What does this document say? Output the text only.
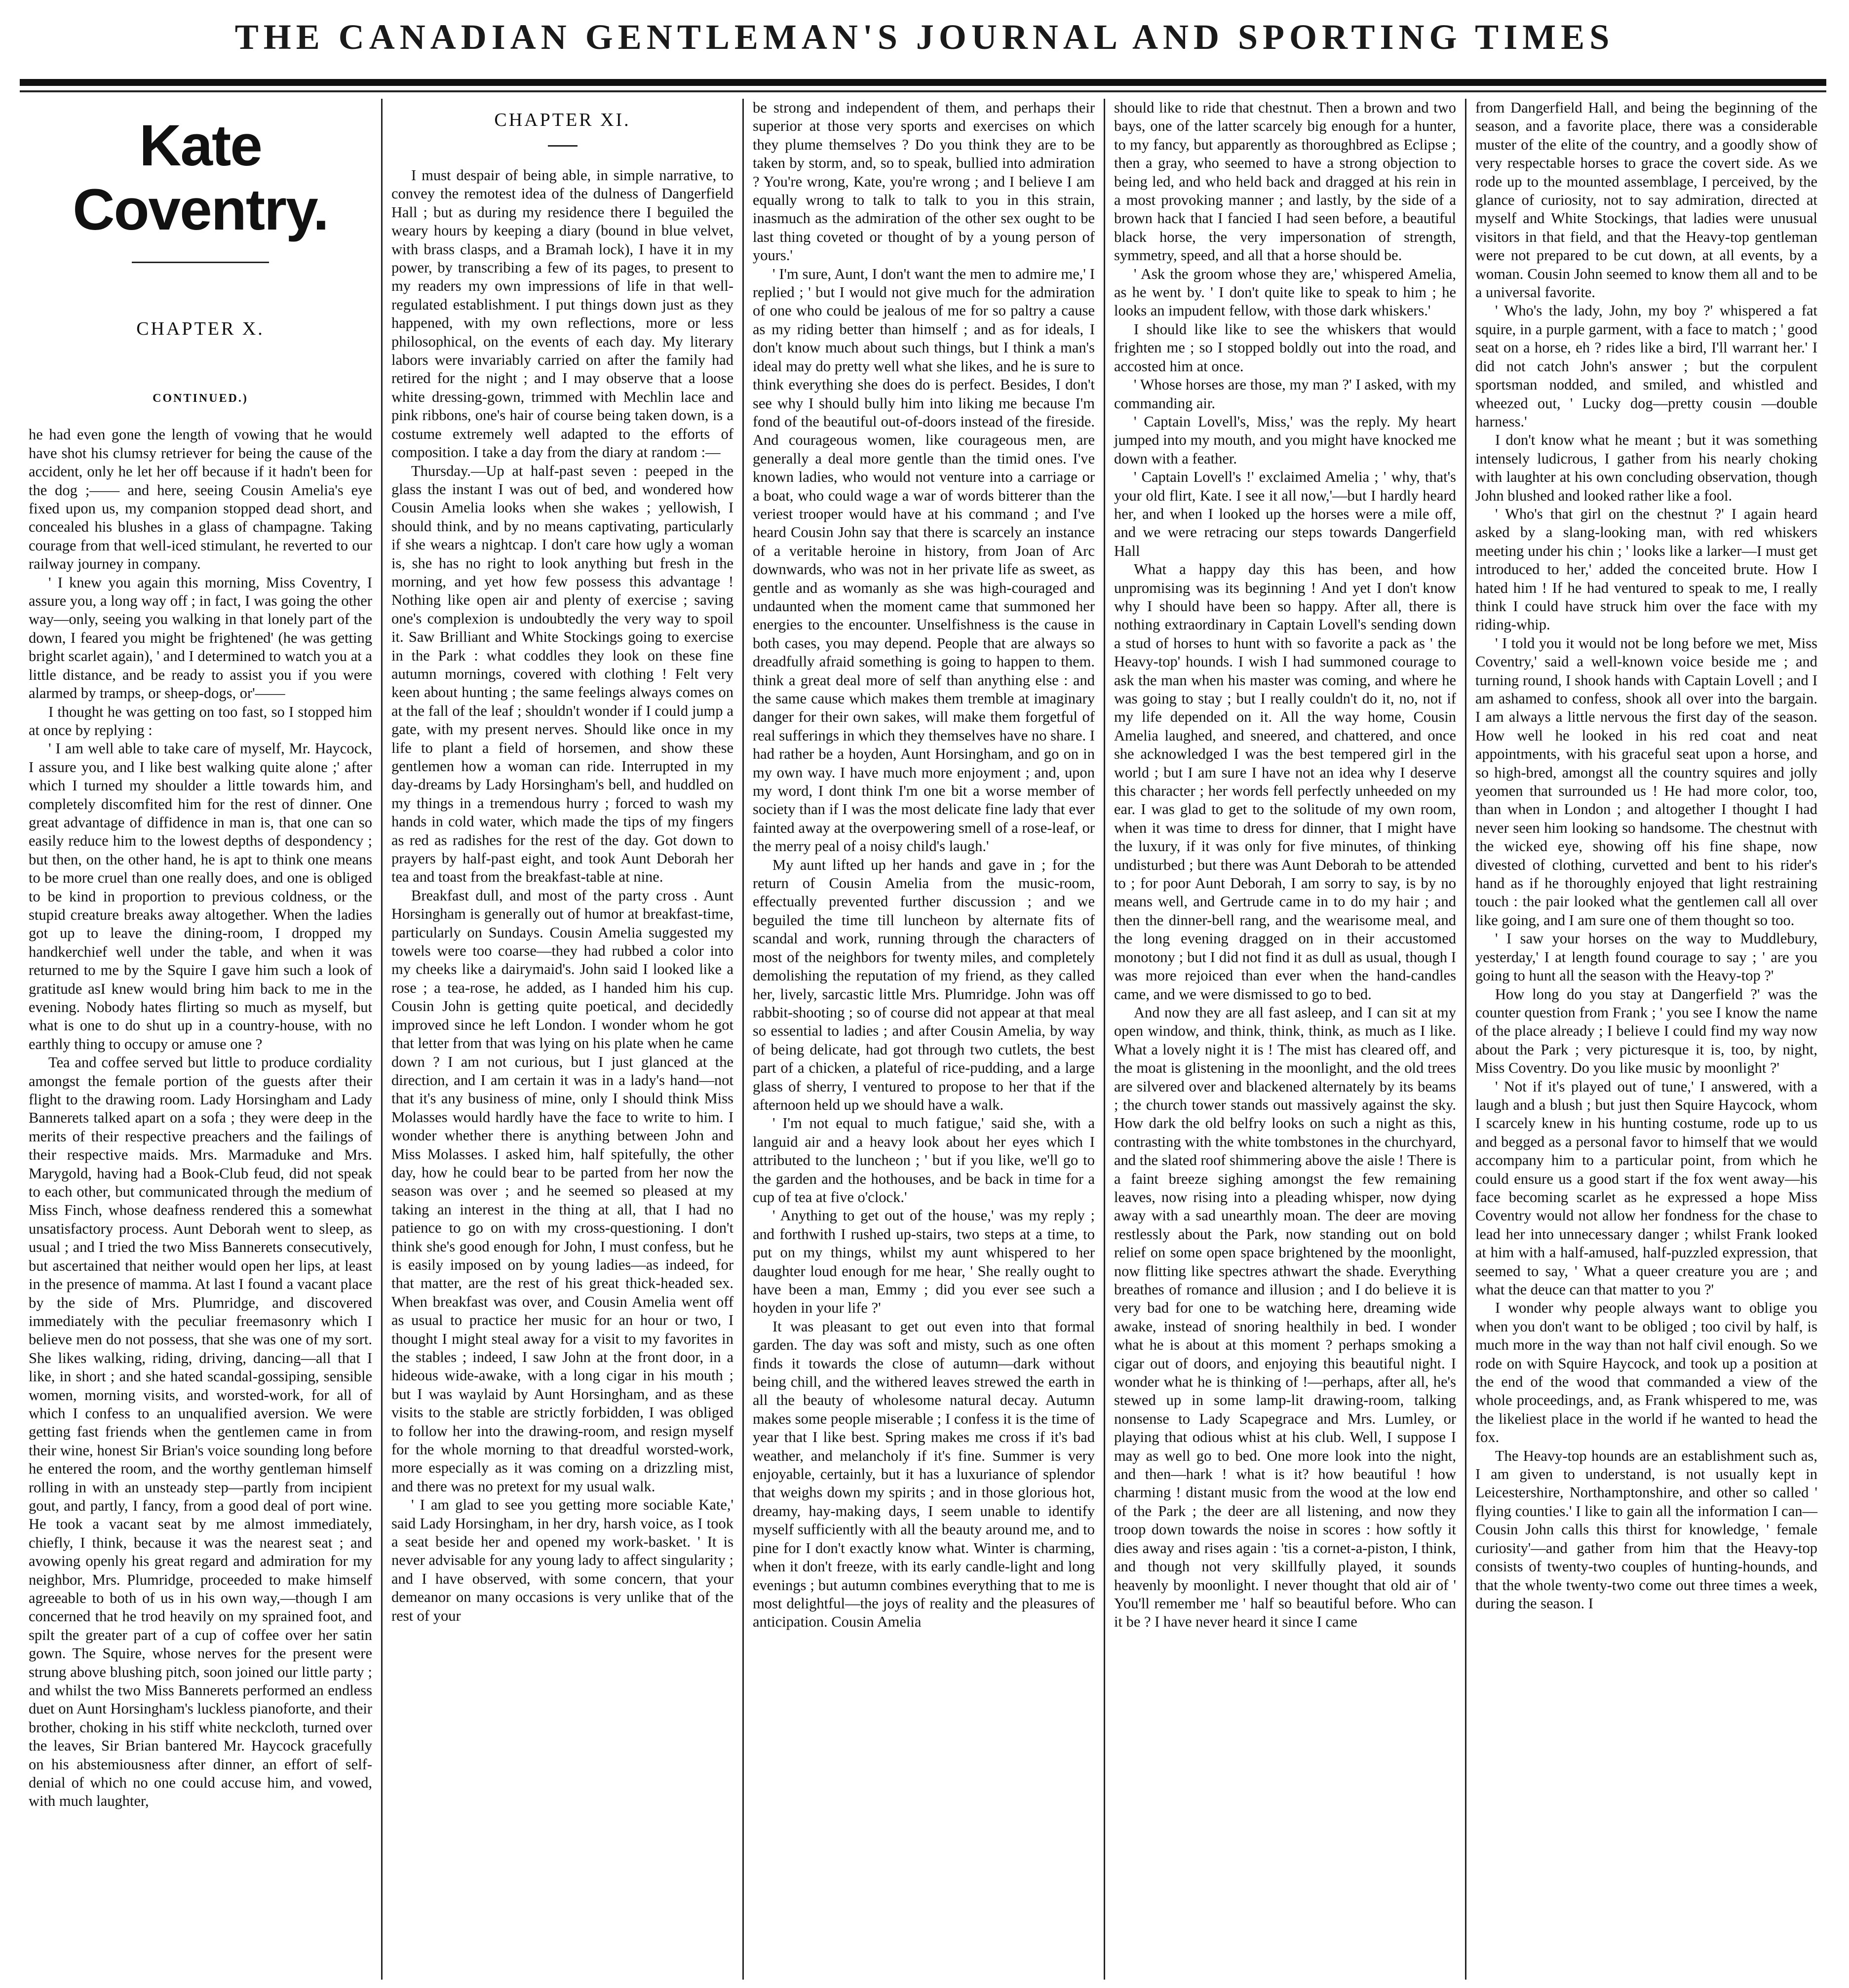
THE CANADIAN GENTLEMAN'S JOURNAL AND SPORTING TIMES
Kate Coventry.
CHAPTER X.
CONTINUED.)

he had even gone the length of vowing that he would have shot his clumsy retriever for being the cause of the accident, only he let her off because if it hadn't been for the dog ;—— and here, seeing Cousin Amelia's eye fixed upon us, my companion stopped dead short, and concealed his blushes in a glass of champagne. Taking courage from that well-iced stimulant, he reverted to our railway journey in company.

' I knew you again this morning, Miss Coventry, I assure you, a long way off ; in fact, I was going the other way—only, seeing you walking in that lonely part of the down, I feared you might be frightened' (he was getting bright scarlet again), ' and I determined to watch you at a little distance, and be ready to assist you if you were alarmed by tramps, or sheep-dogs, or'——

I thought he was getting on too fast, so I stopped him at once by replying :

' I am well able to take care of myself, Mr. Haycock, I assure you, and I like best walking quite alone ;' after which I turned my shoulder a little towards him, and completely discomfited him for the rest of dinner. One great advantage of diffidence in man is, that one can so easily reduce him to the lowest depths of despondency ; but then, on the other hand, he is apt to think one means to be more cruel than one really does, and one is obliged to be kind in proportion to previous coldness, or the stupid creature breaks away altogether. When the ladies got up to leave the dining-room, I dropped my handkerchief well under the table, and when it was returned to me by the Squire I gave him such a look of gratitude asI knew would bring him back to me in the evening. Nobody hates flirting so much as myself, but what is one to do shut up in a country-house, with no earthly thing to occupy or amuse one ?

Tea and coffee served but little to produce cordiality amongst the female portion of the guests after their flight to the drawing room. Lady Horsingham and Lady Bannerets talked apart on a sofa ; they were deep in the merits of their respective preachers and the failings of their respective maids. Mrs. Marmaduke and Mrs. Marygold, having had a Book-Club feud, did not speak to each other, but communicated through the medium of Miss Finch, whose deafness rendered this a somewhat unsatisfactory process. Aunt Deborah went to sleep, as usual ; and I tried the two Miss Bannerets consecutively, but ascertained that neither would open her lips, at least in the presence of mamma. At last I found a vacant place by the side of Mrs. Plumridge, and discovered immediately with the peculiar freemasonry which I believe men do not possess, that she was one of my sort. She likes walking, riding, driving, dancing—all that I like, in short ; and she hated scandal-gossiping, sensible women, morning visits, and worsted-work, for all of which I confess to an unqualified aversion. We were getting fast friends when the gentlemen came in from their wine, honest Sir Brian's voice sounding long before he entered the room, and the worthy gentleman himself rolling in with an unsteady step—partly from incipient gout, and partly, I fancy, from a good deal of port wine. He took a vacant seat by me almost immediately, chiefly, I think, because it was the nearest seat ; and avowing openly his great regard and admiration for my neighbor, Mrs. Plumridge, proceeded to make himself agreeable to both of us in his own way,—though I am concerned that he trod heavily on my sprained foot, and spilt the greater part of a cup of coffee over her satin gown. The Squire, whose nerves for the present were strung above blushing pitch, soon joined our little party ; and whilst the two Miss Bannerets performed an endless duet on Aunt Horsingham's luckless pianoforte, and their brother, choking in his stiff white neckcloth, turned over the leaves, Sir Brian bantered Mr. Haycock gracefully on his abstemiousness after dinner, an effort of self-denial of which no one could accuse him, and vowed, with much laughter,

CHAPTER XI.

I must despair of being able, in simple narrative, to convey the remotest idea of the dulness of Dangerfield Hall ; but as during my residence there I beguiled the weary hours by keeping a diary (bound in blue velvet, with brass clasps, and a Bramah lock), I have it in my power, by transcribing a few of its pages, to present to my readers my own impressions of life in that well-regulated establishment. I put things down just as they happened, with my own reflections, more or less philosophical, on the events of each day. My literary labors were invariably carried on after the family had retired for the night ; and I may observe that a loose white dressing-gown, trimmed with Mechlin lace and pink ribbons, one's hair of course being taken down, is a costume extremely well adapted to the efforts of composition. I take a day from the diary at random :—

Thursday.—Up at half-past seven : peeped in the glass the instant I was out of bed, and wondered how Cousin Amelia looks when she wakes ; yellowish, I should think, and by no means captivating, particularly if she wears a nightcap. I don't care how ugly a woman is, she has no right to look anything but fresh in the morning, and yet how few possess this advantage ! Nothing like open air and plenty of exercise ; saving one's complexion is undoubtedly the very way to spoil it. Saw Brilliant and White Stockings going to exercise in the Park : what coddles they look on these fine autumn mornings, covered with clothing ! Felt very keen about hunting ; the same feelings always comes on at the fall of the leaf ; shouldn't wonder if I could jump a gate, with my present nerves. Should like once in my life to plant a field of horsemen, and show these gentlemen how a woman can ride. Interrupted in my day-dreams by Lady Horsingham's bell, and huddled on my things in a tremendous hurry ; forced to wash my hands in cold water, which made the tips of my fingers as red as radishes for the rest of the day. Got down to prayers by half-past eight, and took Aunt Deborah her tea and toast from the breakfast-table at nine.

Breakfast dull, and most of the party cross . Aunt Horsingham is generally out of humor at breakfast-time, particularly on Sundays. Cousin Amelia suggested my towels were too coarse—they had rubbed a color into my cheeks like a dairymaid's. John said I looked like a rose ; a tea-rose, he added, as I handed him his cup. Cousin John is getting quite poetical, and decidedly improved since he left London. I wonder whom he got that letter from that was lying on his plate when he came down ? I am not curious, but I just glanced at the direction, and I am certain it was in a lady's hand—not that it's any business of mine, only I should think Miss Molasses would hardly have the face to write to him. I wonder whether there is anything between John and Miss Molasses. I asked him, half spitefully, the other day, how he could bear to be parted from her now the season was over ; and he seemed so pleased at my taking an interest in the thing at all, that I had no patience to go on with my cross-questioning. I don't think she's good enough for John, I must confess, but he is easily imposed on by young ladies—as indeed, for that matter, are the rest of his great thick-headed sex. When breakfast was over, and Cousin Amelia went off as usual to practice her music for an hour or two, I thought I might steal away for a visit to my favorites in the stables ; indeed, I saw John at the front door, in a hideous wide-awake, with a long cigar in his mouth ; but I was waylaid by Aunt Horsingham, and as these visits to the stable are strictly forbidden, I was obliged to follow her into the drawing-room, and resign myself for the whole morning to that dreadful worsted-work, more especially as it was coming on a drizzling mist, and there was no pretext for my usual walk.

' I am glad to see you getting more sociable Kate,' said Lady Horsingham, in her dry, harsh voice, as I took a seat beside her and opened my work-basket. ' It is never advisable for any young lady to affect singularity ; and I have observed, with some concern, that your demeanor on many occasions is very unlike that of the rest of your

be strong and independent of them, and perhaps their superior at those very sports and exercises on which they plume themselves ? Do you think they are to be taken by storm, and, so to speak, bullied into admiration ? You're wrong, Kate, you're wrong ; and I believe I am equally wrong to talk to talk to you in this strain, inasmuch as the admiration of the other sex ought to be last thing coveted or thought of by a young person of yours.'

' I'm sure, Aunt, I don't want the men to admire me,' I replied ; ' but I would not give much for the admiration of one who could be jealous of me for so paltry a cause as my riding better than himself ; and as for ideals, I don't know much about such things, but I think a man's ideal may do pretty well what she likes, and he is sure to think everything she does do is perfect. Besides, I don't see why I should bully him into liking me because I'm fond of the beautiful out-of-doors instead of the fireside. And courageous women, like courageous men, are generally a deal more gentle than the timid ones. I've known ladies, who would not venture into a carriage or a boat, who could wage a war of words bitterer than the veriest trooper would have at his command ; and I've heard Cousin John say that there is scarcely an instance of a veritable heroine in history, from Joan of Arc downwards, who was not in her private life as sweet, as gentle and as womanly as she was high-couraged and undaunted when the moment came that summoned her energies to the encounter. Unselfishness is the cause in both cases, you may depend. People that are always so dreadfully afraid something is going to happen to them. think a great deal more of self than anything else : and the same cause which makes them tremble at imaginary danger for their own sakes, will make them forgetful of real sufferings in which they themselves have no share. I had rather be a hoyden, Aunt Horsingham, and go on in my own way. I have much more enjoyment ; and, upon my word, I dont think I'm one bit a worse member of society than if I was the most delicate fine lady that ever fainted away at the overpowering smell of a rose-leaf, or the merry peal of a noisy child's laugh.'

My aunt lifted up her hands and gave in ; for the return of Cousin Amelia from the music-room, effectually prevented further discussion ; and we beguiled the time till luncheon by alternate fits of scandal and work, running through the characters of most of the neighbors for twenty miles, and completely demolishing the reputation of my friend, as they called her, lively, sarcastic little Mrs. Plumridge. John was off rabbit-shooting ; so of course did not appear at that meal so essential to ladies ; and after Cousin Amelia, by way of being delicate, had got through two cutlets, the best part of a chicken, a plateful of rice-pudding, and a large glass of sherry, I ventured to propose to her that if the afternoon held up we should have a walk.

' I'm not equal to much fatigue,' said she, with a languid air and a heavy look about her eyes which I attributed to the luncheon ; ' but if you like, we'll go to the garden and the hothouses, and be back in time for a cup of tea at five o'clock.'

' Anything to get out of the house,' was my reply ; and forthwith I rushed up-stairs, two steps at a time, to put on my things, whilst my aunt whispered to her daughter loud enough for me hear, ' She really ought to have been a man, Emmy ; did you ever see such a hoyden in your life ?'

It was pleasant to get out even into that formal garden. The day was soft and misty, such as one often finds it towards the close of autumn—dark without being chill, and the withered leaves strewed the earth in all the beauty of wholesome natural decay. Autumn makes some people miserable ; I confess it is the time of year that I like best. Spring makes me cross if it's bad weather, and melancholy if it's fine. Summer is very enjoyable, certainly, but it has a luxuriance of splendor that weighs down my spirits ; and in those glorious hot, dreamy, hay-making days, I seem unable to identify myself sufficiently with all the beauty around me, and to pine for I don't exactly know what. Winter is charming, when it don't freeze, with its early candle-light and long evenings ; but autumn combines everything that to me is most delightful—the joys of reality and the pleasures of anticipation. Cousin Amelia

should like to ride that chestnut. Then a brown and two bays, one of the latter scarcely big enough for a hunter, to my fancy, but apparently as thoroughbred as Eclipse ; then a gray, who seemed to have a strong objection to being led, and who held back and dragged at his rein in a most provoking manner ; and lastly, by the side of a brown hack that I fancied I had seen before, a beautiful black horse, the very impersonation of strength, symmetry, speed, and all that a horse should be.

' Ask the groom whose they are,' whispered Amelia, as he went by. ' I don't quite like to speak to him ; he looks an impudent fellow, with those dark whiskers.'

I should like like to see the whiskers that would frighten me ; so I stopped boldly out into the road, and accosted him at once.

' Whose horses are those, my man ?' I asked, with my commanding air.

' Captain Lovell's, Miss,' was the reply. My heart jumped into my mouth, and you might have knocked me down with a feather.

' Captain Lovell's !' exclaimed Amelia ; ' why, that's your old flirt, Kate. I see it all now,'—but I hardly heard her, and when I looked up the horses were a mile off, and we were retracing our steps towards Dangerfield Hall

What a happy day this has been, and how unpromising was its beginning ! And yet I don't know why I should have been so happy. After all, there is nothing extraordinary in Captain Lovell's sending down a stud of horses to hunt with so favorite a pack as ' the Heavy-top' hounds. I wish I had summoned courage to ask the man when his master was coming, and where he was going to stay ; but I really couldn't do it, no, not if my life depended on it. All the way home, Cousin Amelia laughed, and sneered, and chattered, and once she acknowledged I was the best tempered girl in the world ; but I am sure I have not an idea why I deserve this character ; her words fell perfectly unheeded on my ear. I was glad to get to the solitude of my own room, when it was time to dress for dinner, that I might have the luxury, if it was only for five minutes, of thinking undisturbed ; but there was Aunt Deborah to be attended to ; for poor Aunt Deborah, I am sorry to say, is by no means well, and Gertrude came in to do my hair ; and then the dinner-bell rang, and the wearisome meal, and the long evening dragged on in their accustomed monotony ; but I did not find it as dull as usual, though I was more rejoiced than ever when the hand-candles came, and we were dismissed to go to bed.

And now they are all fast asleep, and I can sit at my open window, and think, think, think, as much as I like. What a lovely night it is ! The mist has cleared off, and the moat is glistening in the moonlight, and the old trees are silvered over and blackened alternately by its beams ; the church tower stands out massively against the sky. How dark the old belfry looks on such a night as this, contrasting with the white tombstones in the churchyard, and the slated roof shimmering above the aisle ! There is a faint breeze sighing amongst the few remaining leaves, now rising into a pleading whisper, now dying away with a sad unearthly moan. The deer are moving restlessly about the Park, now standing out on bold relief on some open space brightened by the moonlight, now flitting like spectres athwart the shade. Everything breathes of romance and illusion ; and I do believe it is very bad for one to be watching here, dreaming wide awake, instead of snoring healthily in bed. I wonder what he is about at this moment ? perhaps smoking a cigar out of doors, and enjoying this beautiful night. I wonder what he is thinking of !—perhaps, after all, he's stewed up in some lamp-lit drawing-room, talking nonsense to Lady Scapegrace and Mrs. Lumley, or playing that odious whist at his club. Well, I suppose I may as well go to bed. One more look into the night, and then—hark ! what is it? how beautiful ! how charming ! distant music from the wood at the low end of the Park ; the deer are all listening, and now they troop down towards the noise in scores : how softly it dies away and rises again : 'tis a cornet-a-piston, I think, and though not very skillfully played, it sounds heavenly by moonlight. I never thought that old air of ' You'll remember me ' half so beautiful before. Who can it be ? I have never heard it since I came

from Dangerfield Hall, and being the beginning of the season, and a favorite place, there was a considerable muster of the elite of the country, and a goodly show of very respectable horses to grace the covert side. As we rode up to the mounted assemblage, I perceived, by the glance of curiosity, not to say admiration, directed at myself and White Stockings, that ladies were unusual visitors in that field, and that the Heavy-top gentleman were not prepared to be cut down, at all events, by a woman. Cousin John seemed to know them all and to be a universal favorite.

' Who's the lady, John, my boy ?' whispered a fat squire, in a purple garment, with a face to match ; ' good seat on a horse, eh ? rides like a bird, I'll warrant her.' I did not catch John's answer ; but the corpulent sportsman nodded, and smiled, and whistled and wheezed out, ' Lucky dog—pretty cousin —double harness.'

I don't know what he meant ; but it was something intensely ludicrous, I gather from his nearly choking with laughter at his own concluding observation, though John blushed and looked rather like a fool.

' Who's that girl on the chestnut ?' I again heard asked by a slang-looking man, with red whiskers meeting under his chin ; ' looks like a larker—I must get introduced to her,' added the conceited brute. How I hated him ! If he had ventured to speak to me, I really think I could have struck him over the face with my riding-whip.

' I told you it would not be long before we met, Miss Coventry,' said a well-known voice beside me ; and turning round, I shook hands with Captain Lovell ; and I am ashamed to confess, shook all over into the bargain. I am always a little nervous the first day of the season. How well he looked in his red coat and neat appointments, with his graceful seat upon a horse, and so high-bred, amongst all the country squires and jolly yeomen that surrounded us ! He had more color, too, than when in London ; and altogether I thought I had never seen him looking so handsome. The chestnut with the wicked eye, showing off his fine shape, now divested of clothing, curvetted and bent to his rider's hand as if he thoroughly enjoyed that light restraining touch : the pair looked what the gentlemen call all over like going, and I am sure one of them thought so too.

' I saw your horses on the way to Muddlebury, yesterday,' I at length found courage to say ; ' are you going to hunt all the season with the Heavy-top ?'

How long do you stay at Dangerfield ?' was the counter question from Frank ; ' you see I know the name of the place already ; I believe I could find my way now about the Park ; very picturesque it is, too, by night, Miss Coventry. Do you like music by moonlight ?'

' Not if it's played out of tune,' I answered, with a laugh and a blush ; but just then Squire Haycock, whom I scarcely knew in his hunting costume, rode up to us and begged as a personal favor to himself that we would accompany him to a particular point, from which he could ensure us a good start if the fox went away—his face becoming scarlet as he expressed a hope Miss Coventry would not allow her fondness for the chase to lead her into unnecessary danger ; whilst Frank looked at him with a half-amused, half-puzzled expression, that seemed to say, ' What a queer creature you are ; and what the deuce can that matter to you ?'

I wonder why people always want to oblige you when you don't want to be obliged ; too civil by half, is much more in the way than not half civil enough. So we rode on with Squire Haycock, and took up a position at the end of the wood that commanded a view of the whole proceedings, and, as Frank whispered to me, was the likeliest place in the world if he wanted to head the fox.

The Heavy-top hounds are an establishment such as, I am given to understand, is not usually kept in Leicestershire, Northamptonshire, and other so called ' flying counties.' I like to gain all the information I can—Cousin John calls this thirst for knowledge, ' female curiosity'—and gather from him that the Heavy-top consists of twenty-two couples of hunting-hounds, and that the whole twenty-two come out three times a week, during the season. I
